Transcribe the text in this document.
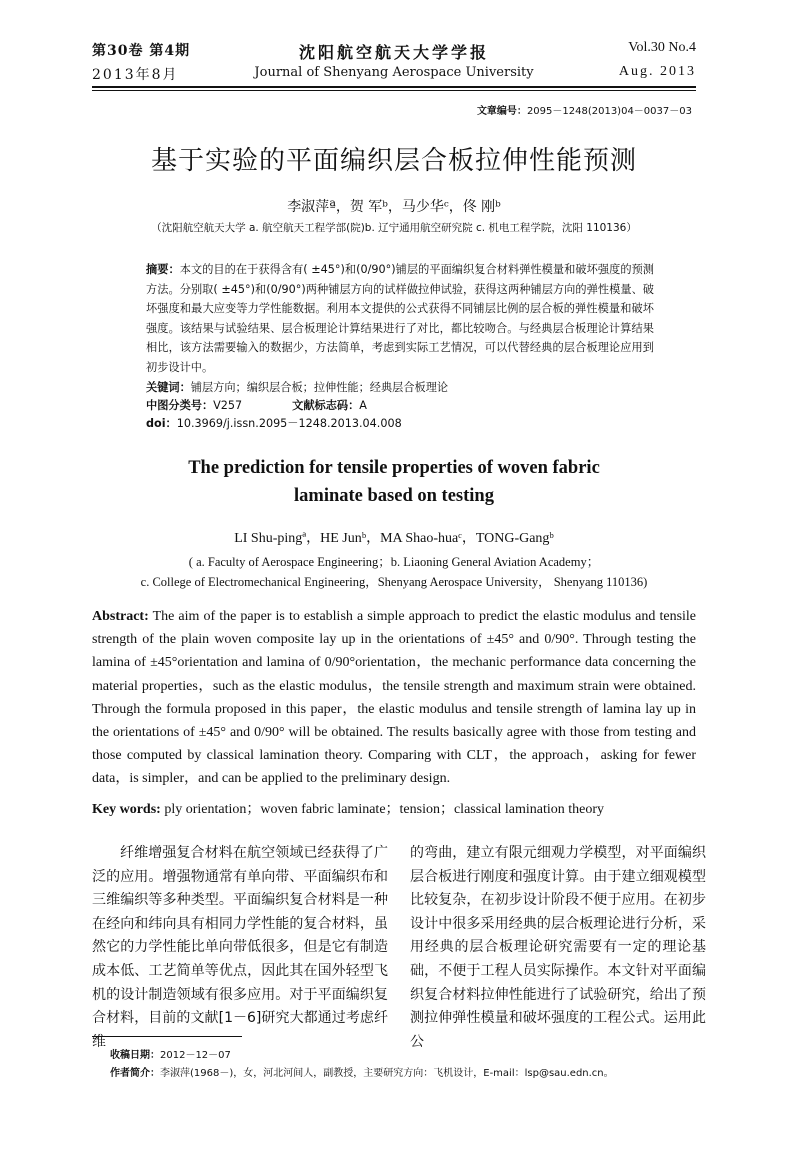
第30卷 第4期
2013年8月
沈阳航空航天大学学报
Journal of Shenyang Aerospace University
Vol.30 No.4
Aug. 2013
文章编号：2095－1248(2013)04－0037－03
基于实验的平面编织层合板拉伸性能预测
李淑萍ª，贺 军ᵇ，马少华ᶜ，佟 刚ᵇ
（沈阳航空航天大学 a. 航空航天工程学部(院)b. 辽宁通用航空研究院 c. 机电工程学院，沈阳 110136）
摘要：本文的目的在于获得含有( ±45°)和(0/90°)铺层的平面编织复合材料弹性模量和破坏强度的预测方法。分别取( ±45°)和(0/90°)两种铺层方向的试样做拉伸试验，获得这两种铺层方向的弹性模量、破坏强度和最大应变等力学性能数据。利用本文提供的公式获得不同铺层比例的层合板的弹性模量和破坏强度。该结果与试验结果、层合板理论计算结果进行了对比，都比较吻合。与经典层合板理论计算结果相比，该方法需要输入的数据少，方法简单，考虑到实际工艺情况，可以代替经典的层合板理论应用到初步设计中。
关键词：铺层方向；编织层合板；拉伸性能；经典层合板理论
中图分类号：V257	文献标志码：A
doi：10.3969/j.issn.2095－1248.2013.04.008
The prediction for tensile properties of woven fabric
laminate based on testing
LI Shu-pingª，HE Junᵇ，MA Shao-huaᶜ，TONG-Gangᵇ
( a. Faculty of Aerospace Engineering；b. Liaoning General Aviation Academy；
c. College of Electromechanical Engineering，Shenyang Aerospace University， Shenyang 110136)
Abstract: The aim of the paper is to establish a simple approach to predict the elastic modulus and tensile strength of the plain woven composite lay up in the orientations of ±45° and 0/90°. Through testing the lamina of ±45°orientation and lamina of 0/90°orientation，the mechanic performance data concerning the material properties，such as the elastic modulus，the tensile strength and maximum strain were obtained. Through the formula proposed in this paper，the elastic modulus and tensile strength of lamina lay up in the orientations of ±45° and 0/90° will be obtained. The results basically agree with those from testing and those computed by classical lamination theory. Comparing with CLT，the approach，asking for fewer data，is simpler，and can be applied to the preliminary design.
Key words: ply orientation；woven fabric laminate；tension；classical lamination theory
纤维增强复合材料在航空领域已经获得了广泛的应用。增强物通常有单向带、平面编织布和三维编织等多种类型。平面编织复合材料是一种在经向和纬向具有相同力学性能的复合材料，虽然它的力学性能比单向带低很多，但是它有制造成本低、工艺简单等优点，因此其在国外轻型飞机的设计制造领域有很多应用。对于平面编织复合材料，目前的文献[1－6]研究大都通过考虑纤维
的弯曲，建立有限元细观力学模型，对平面编织层合板进行刚度和强度计算。由于建立细观模型比较复杂，在初步设计阶段不便于应用。在初步设计中很多采用经典的层合板理论进行分析，采用经典的层合板理论研究需要有一定的理论基础，不便于工程人员实际操作。本文针对平面编织复合材料拉伸性能进行了试验研究，给出了预测拉伸弹性模量和破坏强度的工程公式。运用此公
收稿日期：2012－12－07
作者简介：李淑萍(1968－)，女，河北河间人，副教授，主要研究方向：飞机设计，E-mail：lsp@sau.edn.cn。
